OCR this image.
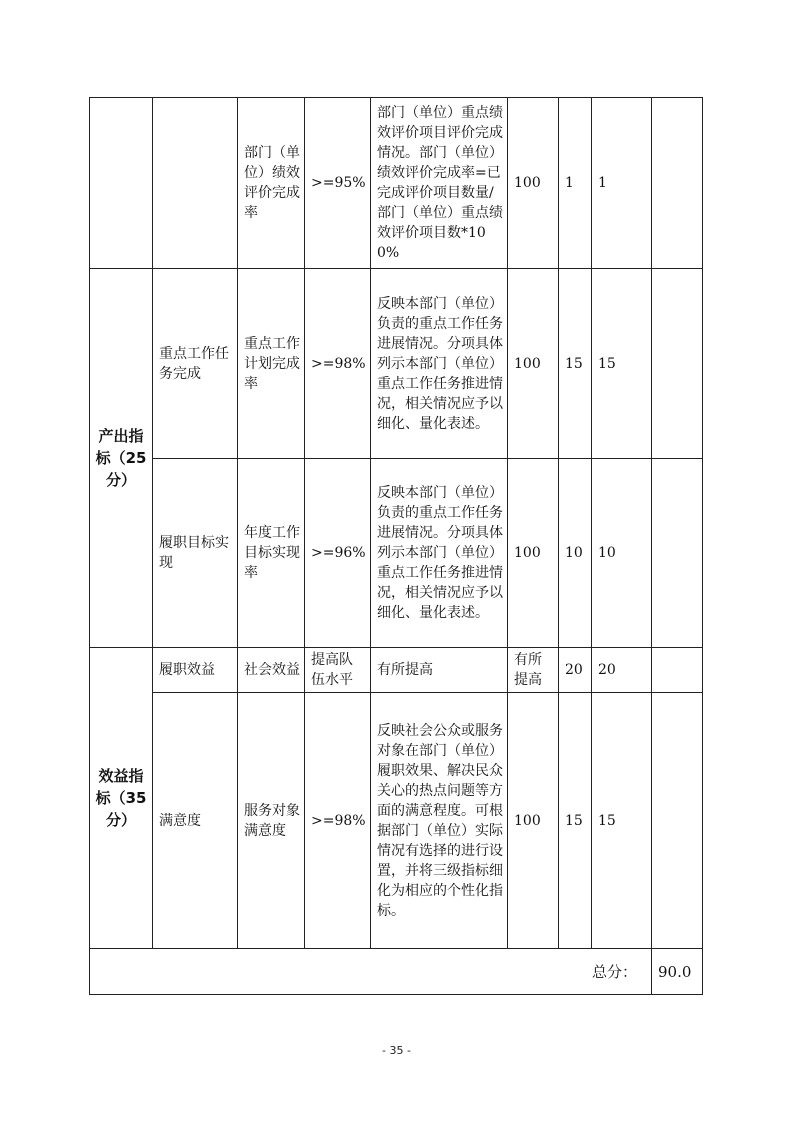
		部门（单位）绩效评价完成率	>=95%	部门（单位）重点绩效评价项目评价完成情况。部门（单位）绩效评价完成率=已完成评价项目数量/部门（单位）重点绩效评价项目数*100%	100	1	1	
产出指标（25分）	重点工作任务完成	重点工作计划完成率	>=98%	反映本部门（单位）负责的重点工作任务进展情况。分项具体列示本部门（单位）重点工作任务推进情况，相关情况应予以细化、量化表述。	100	15	15	
	履职目标实现	年度工作目标实现率	>=96%	反映本部门（单位）负责的重点工作任务进展情况。分项具体列示本部门（单位）重点工作任务推进情况，相关情况应予以细化、量化表述。	100	10	10	
效益指标（35分）	履职效益	社会效益	提高队伍水平	有所提高	有所提高	20	20	
	满意度	服务对象满意度	>=98%	反映社会公众或服务对象在部门（单位）履职效果、解决民众关心的热点问题等方面的满意程度。可根据部门（单位）实际情况有选择的进行设置，并将三级指标细化为相应的个性化指标。	100	15	15	
总分：								90.0
- 35 -
